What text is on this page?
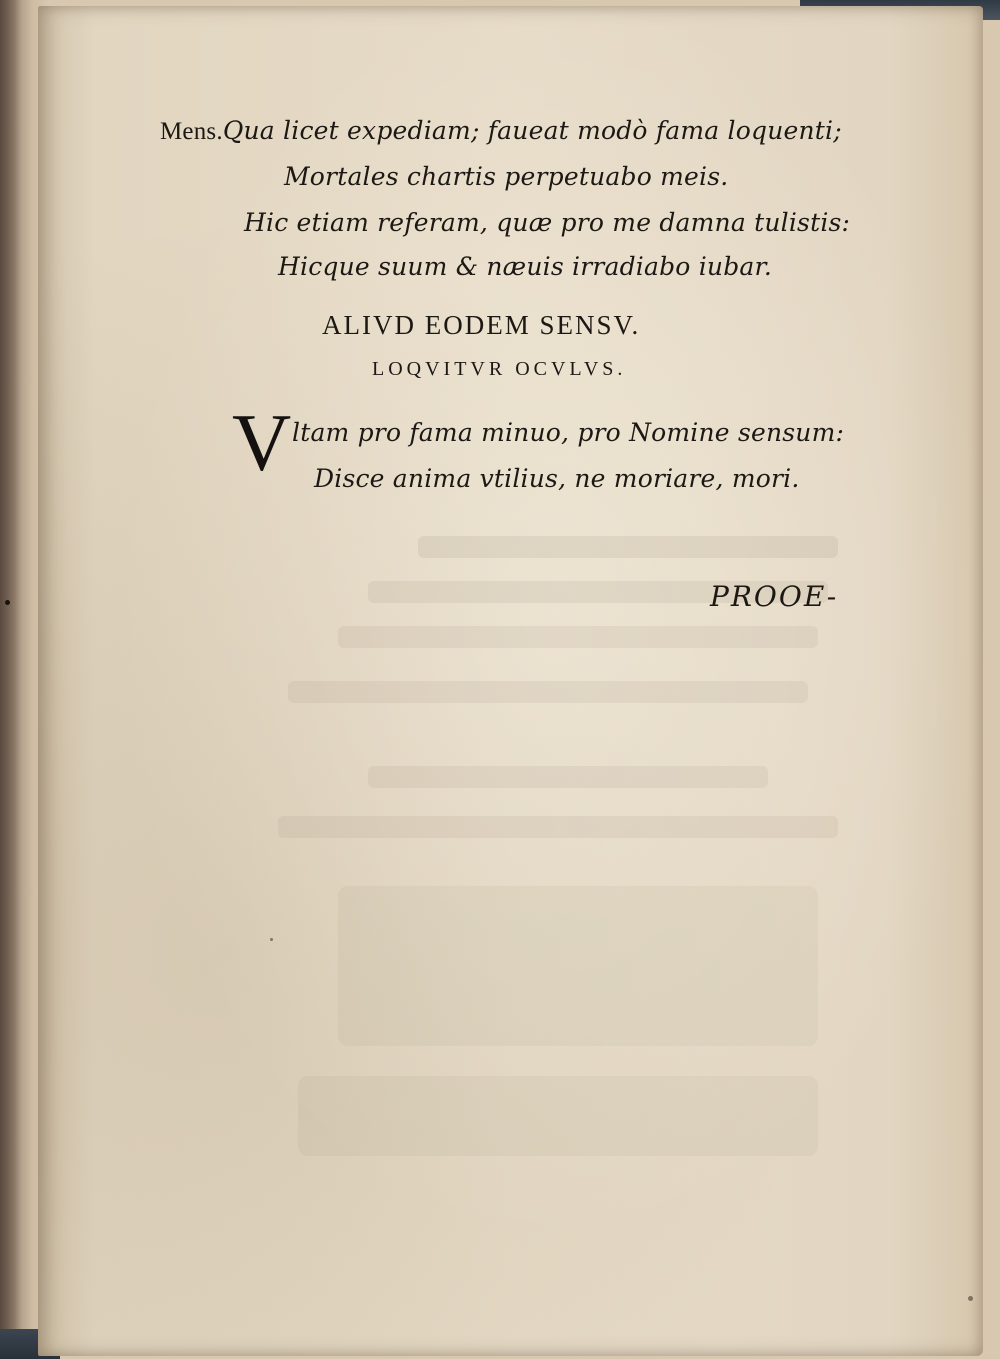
Mens.Qua licet expediam; faueat modò fama loquenti;
Mortales chartis perpetuabo meis.
Hic etiam referam, quæ pro me damna tulistis:
Hicque suum & næuis irradiabo iubar.
ALIVD EODEM SENSV.
LOQVITVR OCVLVS.
V ltam pro fama minuo, pro Nomine sensum:
Disce anima vtilius, ne moriare, mori.
PROOE-
